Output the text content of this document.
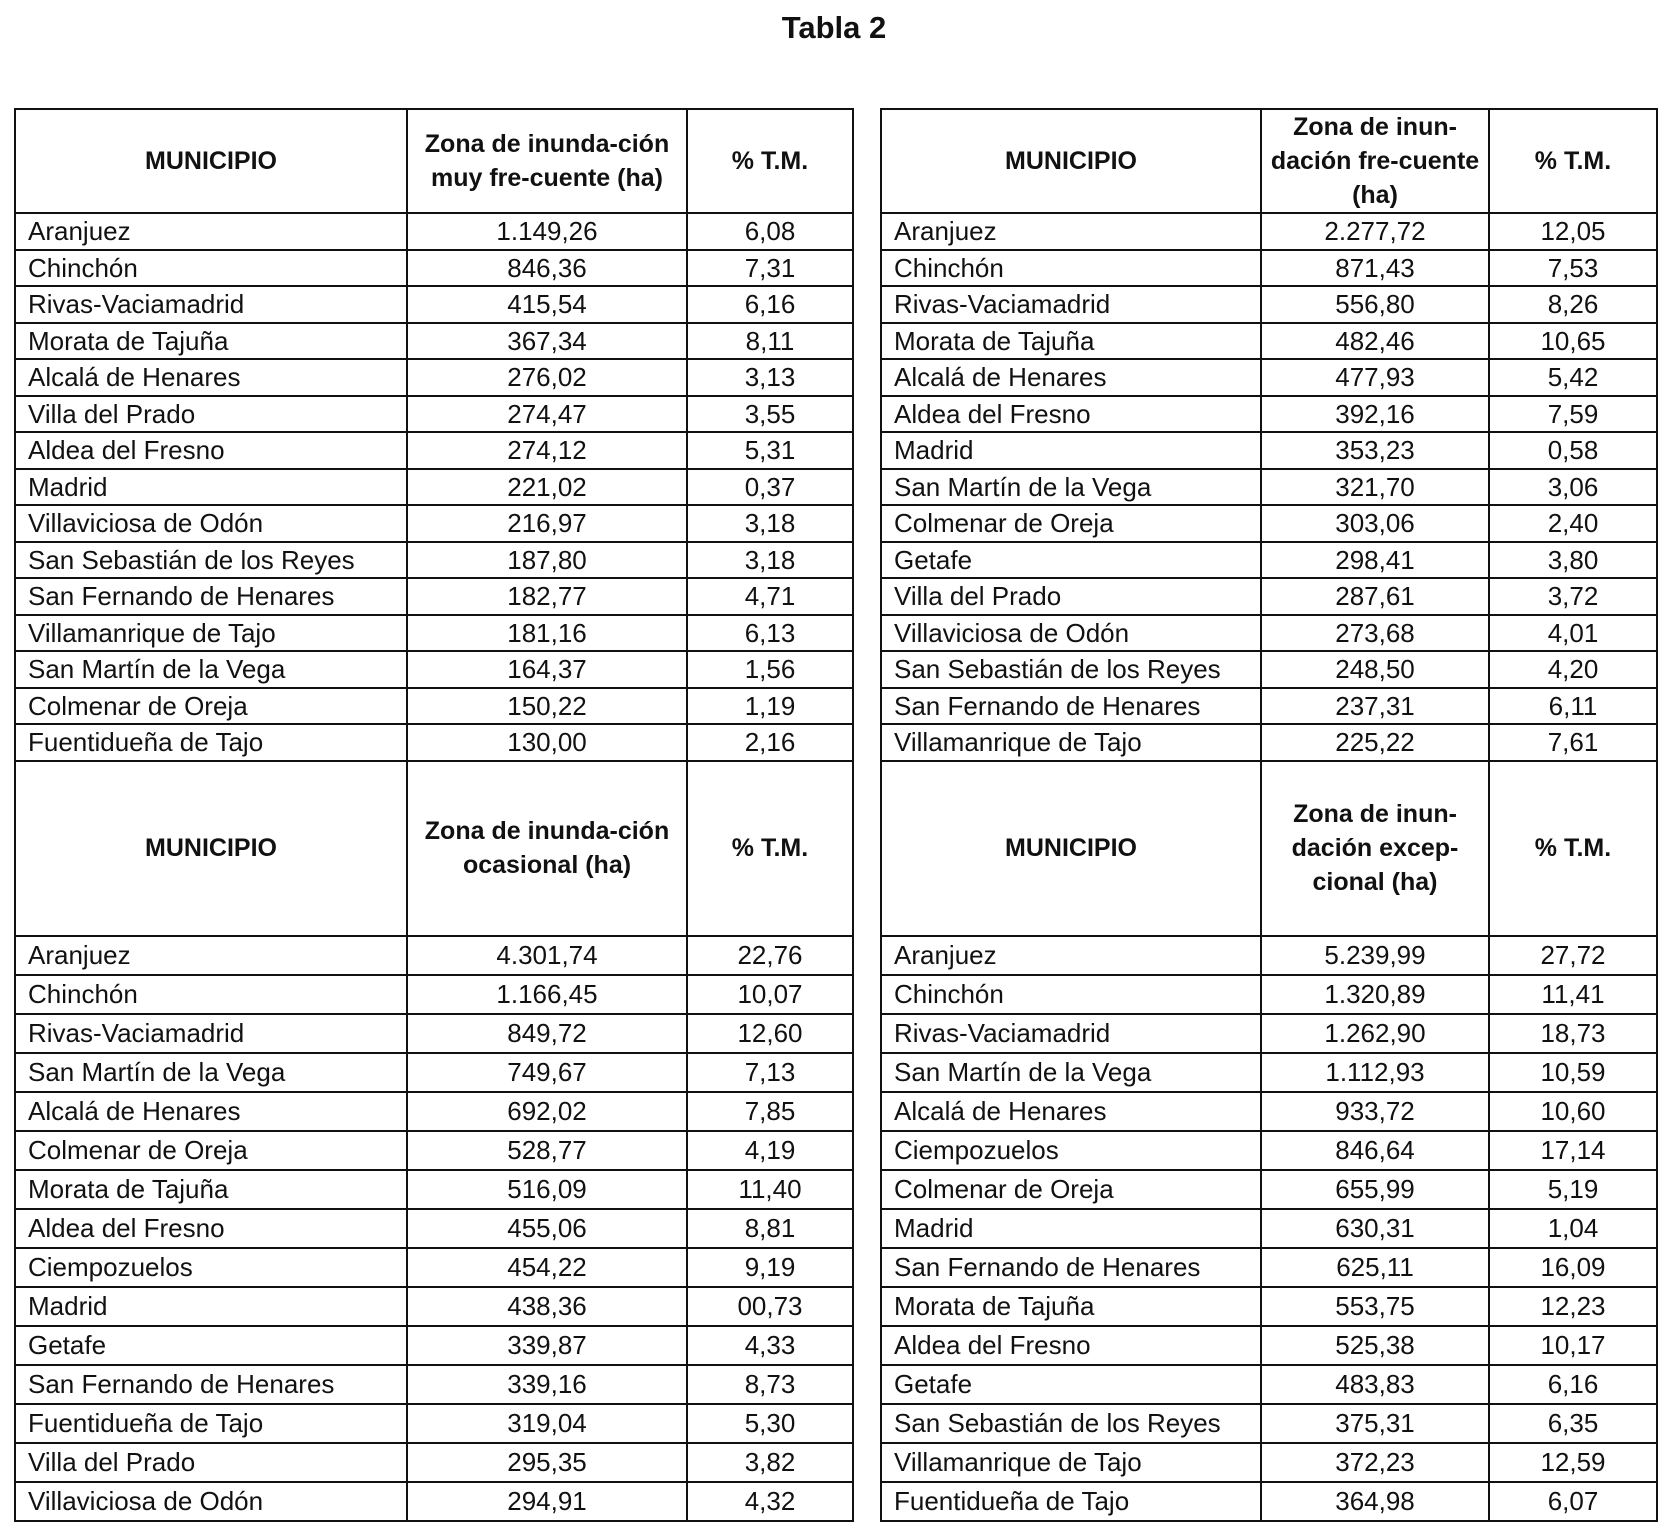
Tabla 2
MUNICIPIO	Zona de inunda-ción muy fre-cuente (ha)	% T.M.		MUNICIPIO	Zona de inun-dación fre-cuente (ha)	% T.M.
Aranjuez	1.149,26	6,08		Aranjuez	2.277,72	12,05
Chinchón	846,36	7,31		Chinchón	871,43	7,53
Rivas-Vaciamadrid	415,54	6,16		Rivas-Vaciamadrid	556,80	8,26
Morata de Tajuña	367,34	8,11		Morata de Tajuña	482,46	10,65
Alcalá de Henares	276,02	3,13		Alcalá de Henares	477,93	5,42
Villa del Prado	274,47	3,55		Aldea del Fresno	392,16	7,59
Aldea del Fresno	274,12	5,31		Madrid	353,23	0,58
Madrid	221,02	0,37		San Martín de la Vega	321,70	3,06
Villaviciosa de Odón	216,97	3,18		Colmenar de Oreja	303,06	2,40
San Sebastián de los Reyes	187,80	3,18		Getafe	298,41	3,80
San Fernando de Henares	182,77	4,71		Villa del Prado	287,61	3,72
Villamanrique de Tajo	181,16	6,13		Villaviciosa de Odón	273,68	4,01
San Martín de la Vega	164,37	1,56		San Sebastián de los Reyes	248,50	4,20
Colmenar de Oreja	150,22	1,19		San Fernando de Henares	237,31	6,11
Fuentidueña de Tajo	130,00	2,16		Villamanrique de Tajo	225,22	7,61
MUNICIPIO	Zona de inunda-ción ocasional (ha)	% T.M.		MUNICIPIO	Zona de inun-dación excep-cional (ha)	% T.M.
Aranjuez	4.301,74	22,76		Aranjuez	5.239,99	27,72
Chinchón	1.166,45	10,07		Chinchón	1.320,89	11,41
Rivas-Vaciamadrid	849,72	12,60		Rivas-Vaciamadrid	1.262,90	18,73
San Martín de la Vega	749,67	7,13		San Martín de la Vega	1.112,93	10,59
Alcalá de Henares	692,02	7,85		Alcalá de Henares	933,72	10,60
Colmenar de Oreja	528,77	4,19		Ciempozuelos	846,64	17,14
Morata de Tajuña	516,09	11,40		Colmenar de Oreja	655,99	5,19
Aldea del Fresno	455,06	8,81		Madrid	630,31	1,04
Ciempozuelos	454,22	9,19		San Fernando de Henares	625,11	16,09
Madrid	438,36	00,73		Morata de Tajuña	553,75	12,23
Getafe	339,87	4,33		Aldea del Fresno	525,38	10,17
San Fernando de Henares	339,16	8,73		Getafe	483,83	6,16
Fuentidueña de Tajo	319,04	5,30		San Sebastián de los Reyes	375,31	6,35
Villa del Prado	295,35	3,82		Villamanrique de Tajo	372,23	12,59
Villaviciosa de Odón	294,91	4,32		Fuentidueña de Tajo	364,98	6,07
